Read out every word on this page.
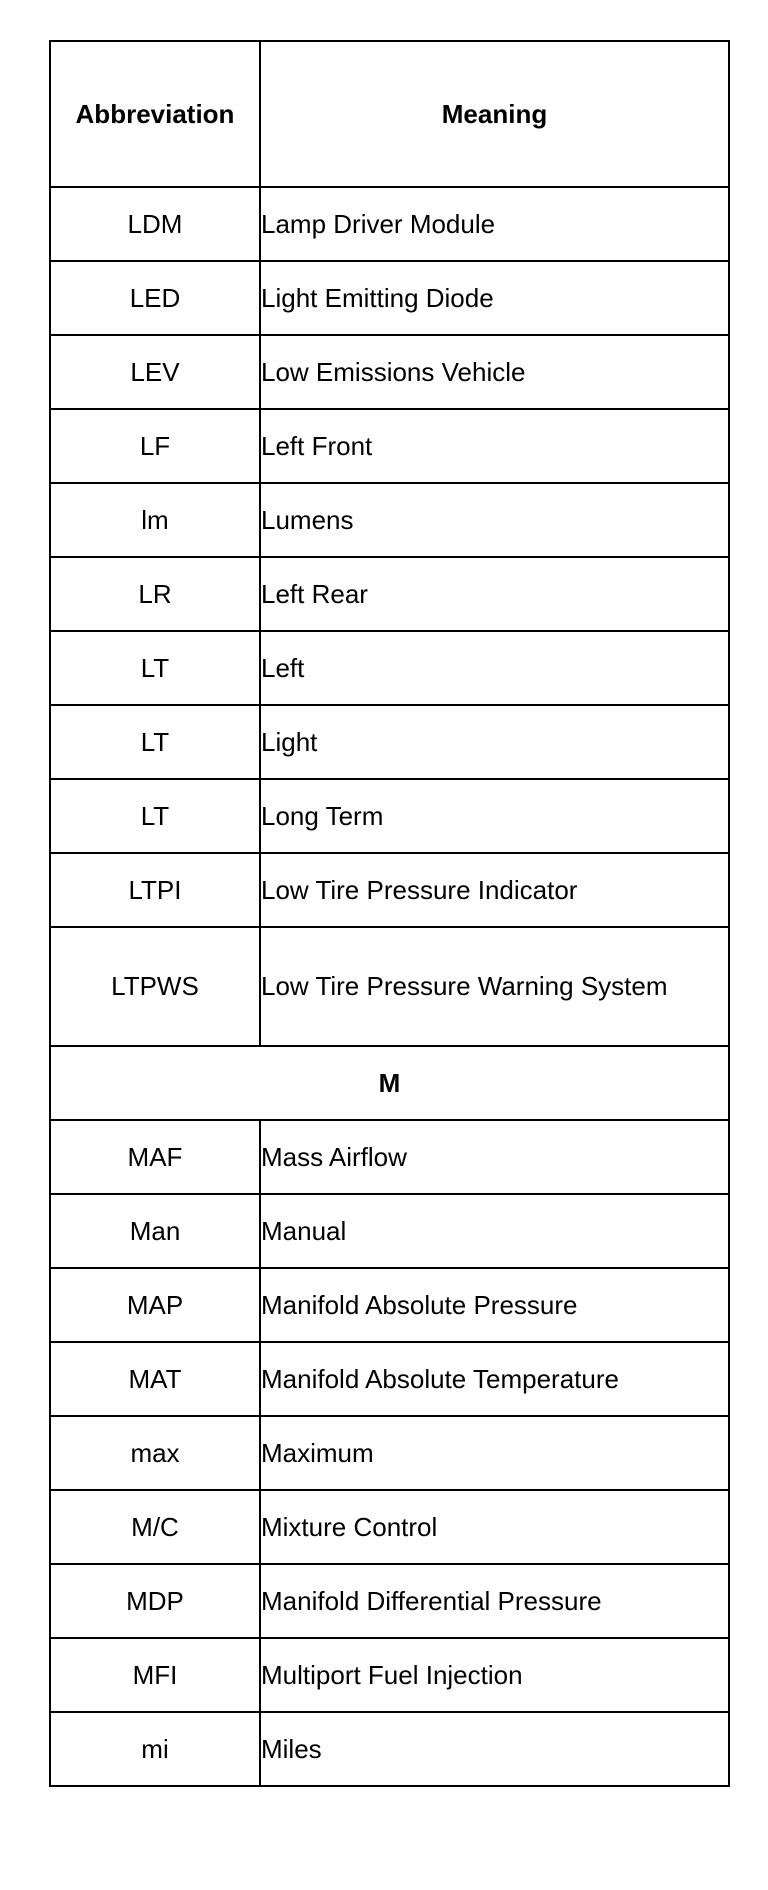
Abbreviation	Meaning
LDM	Lamp Driver Module
LED	Light Emitting Diode
LEV	Low Emissions Vehicle
LF	Left Front
lm	Lumens
LR	Left Rear
LT	Left
LT	Light
LT	Long Term
LTPI	Low Tire Pressure Indicator
LTPWS	Low Tire Pressure Warning System
M	
MAF	Mass Airflow
Man	Manual
MAP	Manifold Absolute Pressure
MAT	Manifold Absolute Temperature
max	Maximum
M/C	Mixture Control
MDP	Manifold Differential Pressure
MFI	Multiport Fuel Injection
mi	Miles
